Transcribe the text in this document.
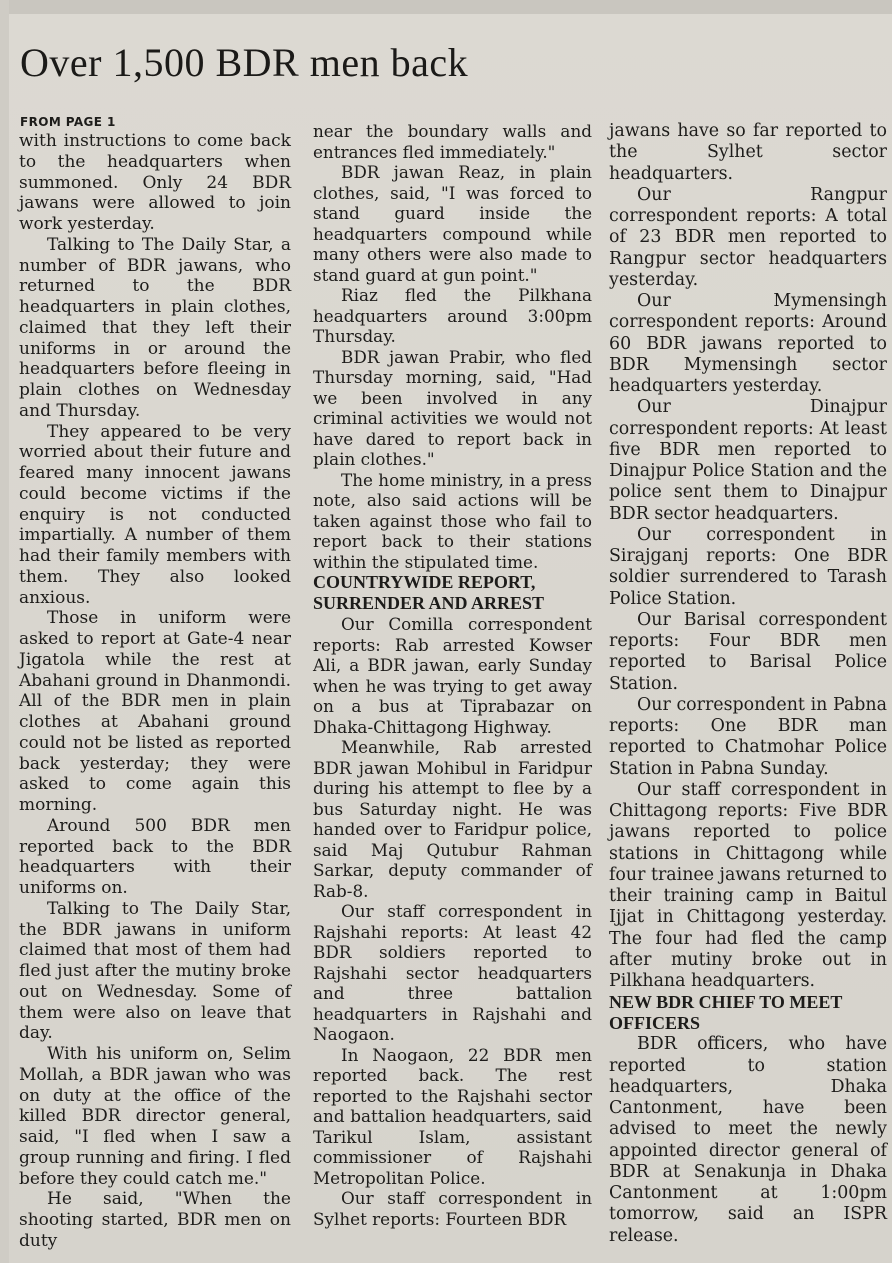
Over 1,500 BDR men back
FROM PAGE 1

with instructions to come back to the headquarters when summoned. Only 24 BDR jawans were allowed to join work yesterday.

Talking to The Daily Star, a number of BDR jawans, who returned to the BDR headquarters in plain clothes, claimed that they left their uniforms in or around the headquarters before fleeing in plain clothes on Wednesday and Thursday.

They appeared to be very worried about their future and feared many innocent jawans could become victims if the enquiry is not conducted impartially. A number of them had their family members with them. They also looked anxious.

Those in uniform were asked to report at Gate-4 near Jigatola while the rest at Abahani ground in Dhanmondi. All of the BDR men in plain clothes at Abahani ground could not be listed as reported back yesterday; they were asked to come again this morning.

Around 500 BDR men reported back to the BDR headquarters with their uniforms on.

Talking to The Daily Star, the BDR jawans in uniform claimed that most of them had fled just after the mutiny broke out on Wednesday. Some of them were also on leave that day.

With his uniform on, Selim Mollah, a BDR jawan who was on duty at the office of the killed BDR director general, said, "I fled when I saw a group running and firing. I fled before they could catch me."

He said, "When the shooting started, BDR men on duty

near the boundary walls and entrances fled immediately."

BDR jawan Reaz, in plain clothes, said, "I was forced to stand guard inside the headquarters compound while many others were also made to stand guard at gun point."

Riaz fled the Pilkhana headquarters around 3:00pm Thursday.

BDR jawan Prabir, who fled Thursday morning, said, "Had we been involved in any criminal activities we would not have dared to report back in plain clothes."

The home ministry, in a press note, also said actions will be taken against those who fail to report back to their stations within the stipulated time.

COUNTRYWIDE REPORT, SURRENDER AND ARREST

Our Comilla correspondent reports: Rab arrested Kowser Ali, a BDR jawan, early Sunday when he was trying to get away on a bus at Tiprabazar on Dhaka-Chittagong Highway.

Meanwhile, Rab arrested BDR jawan Mohibul in Faridpur during his attempt to flee by a bus Saturday night. He was handed over to Faridpur police, said Maj Qutubur Rahman Sarkar, deputy commander of Rab-8.

Our staff correspondent in Rajshahi reports: At least 42 BDR soldiers reported to Rajshahi sector headquarters and three battalion headquarters in Rajshahi and Naogaon.

In Naogaon, 22 BDR men reported back. The rest reported to the Rajshahi sector and battalion headquarters, said Tarikul Islam, assistant commissioner of Rajshahi Metropolitan Police.

Our staff correspondent in Sylhet reports: Fourteen BDR

jawans have so far reported to the Sylhet sector headquarters.

Our Rangpur correspondent reports: A total of 23 BDR men reported to Rangpur sector headquarters yesterday.

Our Mymensingh correspondent reports: Around 60 BDR jawans reported to BDR Mymensingh sector headquarters yesterday.

Our Dinajpur correspondent reports: At least five BDR men reported to Dinajpur Police Station and the police sent them to Dinajpur BDR sector headquarters.

Our correspondent in Sirajganj reports: One BDR soldier surrendered to Tarash Police Station.

Our Barisal correspondent reports: Four BDR men reported to Barisal Police Station.

Our correspondent in Pabna reports: One BDR man reported to Chatmohar Police Station in Pabna Sunday.

Our staff correspondent in Chittagong reports: Five BDR jawans reported to police stations in Chittagong while four trainee jawans returned to their training camp in Baitul Ijjat in Chittagong yesterday. The four had fled the camp after mutiny broke out in Pilkhana headquarters.

NEW BDR CHIEF TO MEET OFFICERS

BDR officers, who have reported to station headquarters, Dhaka Cantonment, have been advised to meet the newly appointed director general of BDR at Senakunja in Dhaka Cantonment at 1:00pm tomorrow, said an ISPR release.
